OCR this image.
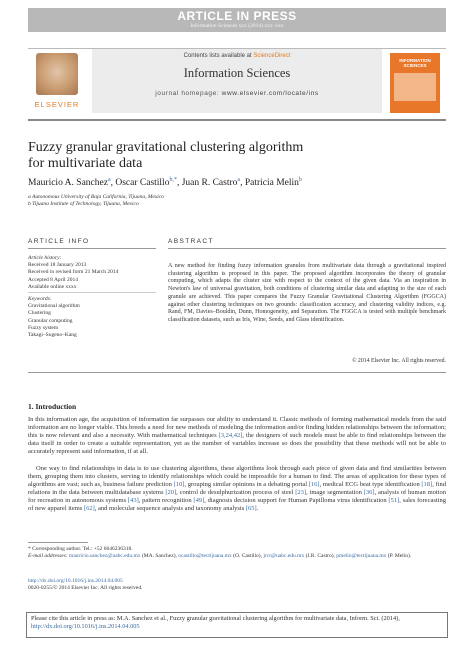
ARTICLE IN PRESS
Information Sciences xxx (2014) xxx–xxx
ELSEVIER
Contents lists available at ScienceDirect
Information Sciences
journal homepage: www.elsevier.com/locate/ins
INFORMATION SCIENCES
Fuzzy granular gravitational clustering algorithm
for multivariate data
Mauricio A. Sanchez$^a$, Oscar Castillo$^{b,*}$, Juan R. Castro$^a$, Patricia Melin$^b$
a Autonomous University of Baja California, Tijuana, Mexico
b Tijuana Institute of Technology, Tijuana, Mexico
ARTICLE INFO
Article history:
Received 18 January 2013
Received in revised form 21 March 2014
Accepted 8 April 2014
Available online xxxx
Keywords:
Gravitational algorithm
Clustering
Granular computing
Fuzzy system
Takagi–Sugeno–Kang
ABSTRACT
A new method for finding fuzzy information granules from multivariate data through a gravitational inspired clustering algorithm is proposed in this paper. The proposed algorithm incorporates the theory of granular computing, which adapts the cluster size with respect to the context of the given data. Via an inspiration in Newton's law of universal gravitation, both conditions of clustering similar data and adapting to the size of each granule are achieved. This paper compares the Fuzzy Granular Gravitational Clustering Algorithm (FGGCA) against other clustering techniques on two grounds: classification accuracy, and clustering validity indices, e.g. Rand, FM, Davies–Bouldin, Dunn, Homogeneity, and Separation. The FGGCA is tested with multiple benchmark classification datasets, such as Iris, Wine, Seeds, and Glass identification.
© 2014 Elsevier Inc. All rights reserved.
1. Introduction
In this information age, the acquisition of information far surpasses our ability to understand it. Classic methods of forming mathematical models from the said information are no longer viable. This breeds a need for new methods of modeling the information and/or finding hidden relationships between the information; this is now relevant and also a necessity. With mathematical techniques [3,24,42], the designers of such models must be able to find relationships between the data itself in order to create a suitable representation, yet as the number of variables increase so does the possibility that these methods will not be able to accurately represent said information, if at all.
One way to find relationships in data is to use clustering algorithms, these algorithms look through each piece of given data and find similarities between them, grouping them into clusters, serving to identify relationships which could be impossible for a human to find. The areas of application for these types of algorithms are vast; such as, business failure prediction [10], grouping similar opinions in a debating portal [16], medical ECG beat type identification [18], find relations in the data between multidatabase systems [20], control de desulphurization process of steel [23], image segmentation [36], analysis of human motion for recreation in autonomous systems [43], pattern recognition [49], diagnosis decision support for Human Papilloma virus identification [51], sales forecasting of new apparel items [62], and molecular sequence analysis and taxonomy analysis [65].
* Corresponding author. Tel.: +52 6646236318.
E-mail addresses: mauricio.sanchez@uabc.edu.mx (MA. Sanchez), ocastillo@tectijuana.mx (O. Castillo), jrcr@uabc.edu.mx (J.R. Castro), pmelin@tectijuana.mx (P. Melin).
http://dx.doi.org/10.1016/j.ins.2014.04.005
0020-0255/© 2014 Elsevier Inc. All rights reserved.
Please cite this article in press as: M.A. Sanchez et al., Fuzzy granular gravitational clustering algorithm for multivariate data, Inform. Sci. (2014), http://dx.doi.org/10.1016/j.ins.2014.04.005
